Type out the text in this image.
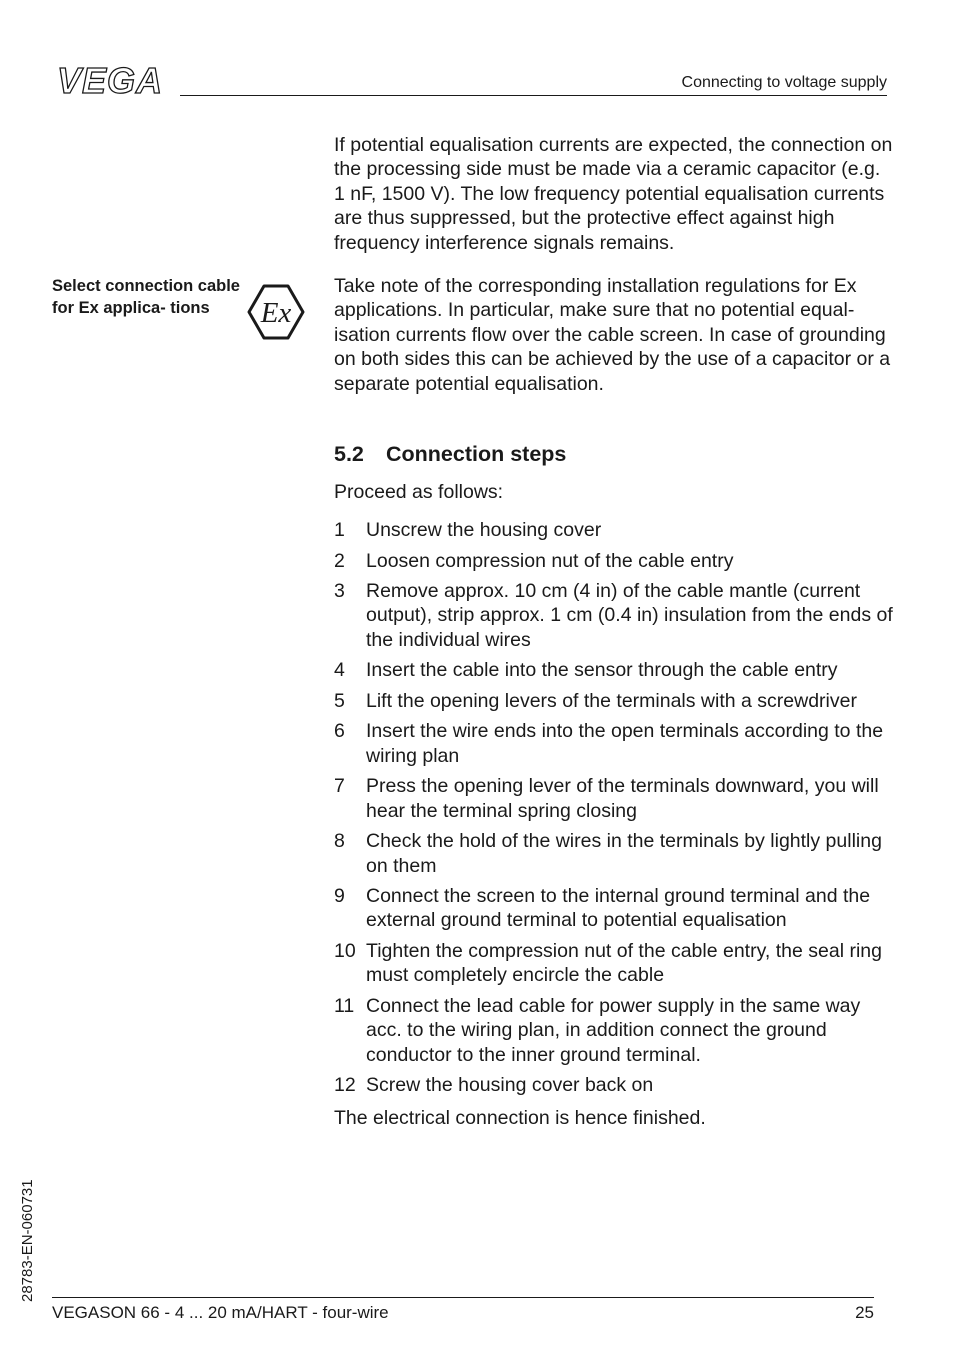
VEGA	Connecting to voltage supply
If potential equalisation currents are expected, the connection on the processing side must be made via a ceramic capacitor (e.g. 1 nF, 1500 V). The low frequency potential equalisation currents are thus suppressed, but the protective effect against high frequency interference signals remains.
Select connection cable for Ex applica- tions	Ex
Take note of the corresponding installation regulations for Ex applications. In particular, make sure that no potential equal- isation currents flow over the cable screen. In case of grounding on both sides this can be achieved by the use of a capacitor or a separate potential equalisation.
5.2 Connection steps
Proceed as follows:
1	Unscrew the housing cover
2	Loosen compression nut of the cable entry
3	Remove approx. 10 cm (4 in) of the cable mantle (current output), strip approx. 1 cm (0.4 in) insulation from the ends of the individual wires
4	Insert the cable into the sensor through the cable entry
5	Lift the opening levers of the terminals with a screwdriver
6	Insert the wire ends into the open terminals according to the wiring plan
7	Press the opening lever of the terminals downward, you will hear the terminal spring closing
8	Check the hold of the wires in the terminals by lightly pulling on them
9	Connect the screen to the internal ground terminal and the external ground terminal to potential equalisation
10 Tighten the compression nut of the cable entry, the seal ring must completely encircle the cable
11 Connect the lead cable for power supply in the same way acc. to the wiring plan, in addition connect the ground conductor to the inner ground terminal.
12 Screw the housing cover back on
The electrical connection is hence finished.
28783-EN-060731
VEGASON 66 - 4 ... 20 mA/HART - four-wire	25
